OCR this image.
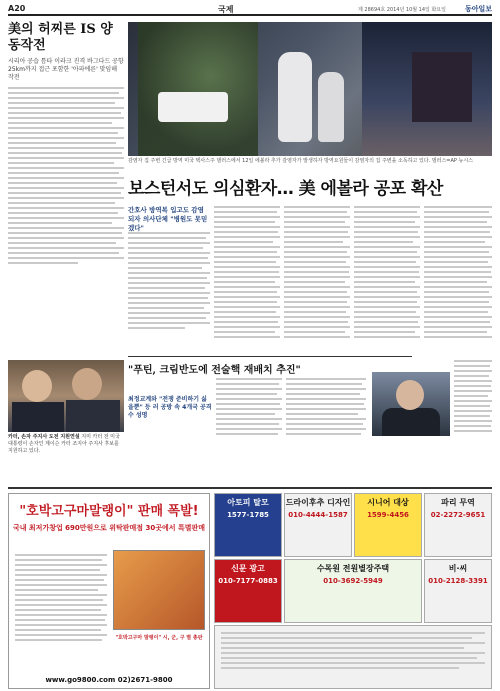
A20	국제	제 28694호 2014년 10월 14일 화요일	동아일보
美의 허찌른 IS 양동작전
시리아 공습 틈타 이라크 진격 바그다드 공항 25km까지 접근 포함한 '아파에른' 맞임해 작전
감염자 집 주변 긴급 방역 미국 텍사스주 댈러스에서 12일 에볼라 추가 감염자가 발생하자 방역요원들이 감염자의 집 주변을 소독하고 있다. 댈러스=AP 뉴시스
보스턴서도 의심환자… 美 에볼라 공포 확산
간호사 방역복 입고도 감염되자 의사단체 "병원도 못믿겠다"
카터, 손자 주지사 도전 지원연설 지미 카터 전 미국 대통령이 손자인 제이슨 카터 조지아 주지사 후보를 지원하고 있다.
"푸틴, 크림반도에 전술핵 재배치 추진"
최정교계와 "전쟁 준비하기 싫을뿐" 등 러 공방 속 4개국 공격수 성명
"호박고구마말랭이" 판매 폭발!
국내 최저가창업 690만원으로 위탁판매점 30곳에서 특별판매
"호박고구마 말랭이" 시, 군, 구 별 총판
www.go9800.com 02)2671-9800
아토피 탈모
1577-1785
드라이후추 디자인
010-4444-1587
시니어 대상
1599-4456
파리 무역
02-2272-9651
수목원 전원별장주택
010-3692-5949
비·씨
010-2128-3391
신문 광고
010-7177-0883
